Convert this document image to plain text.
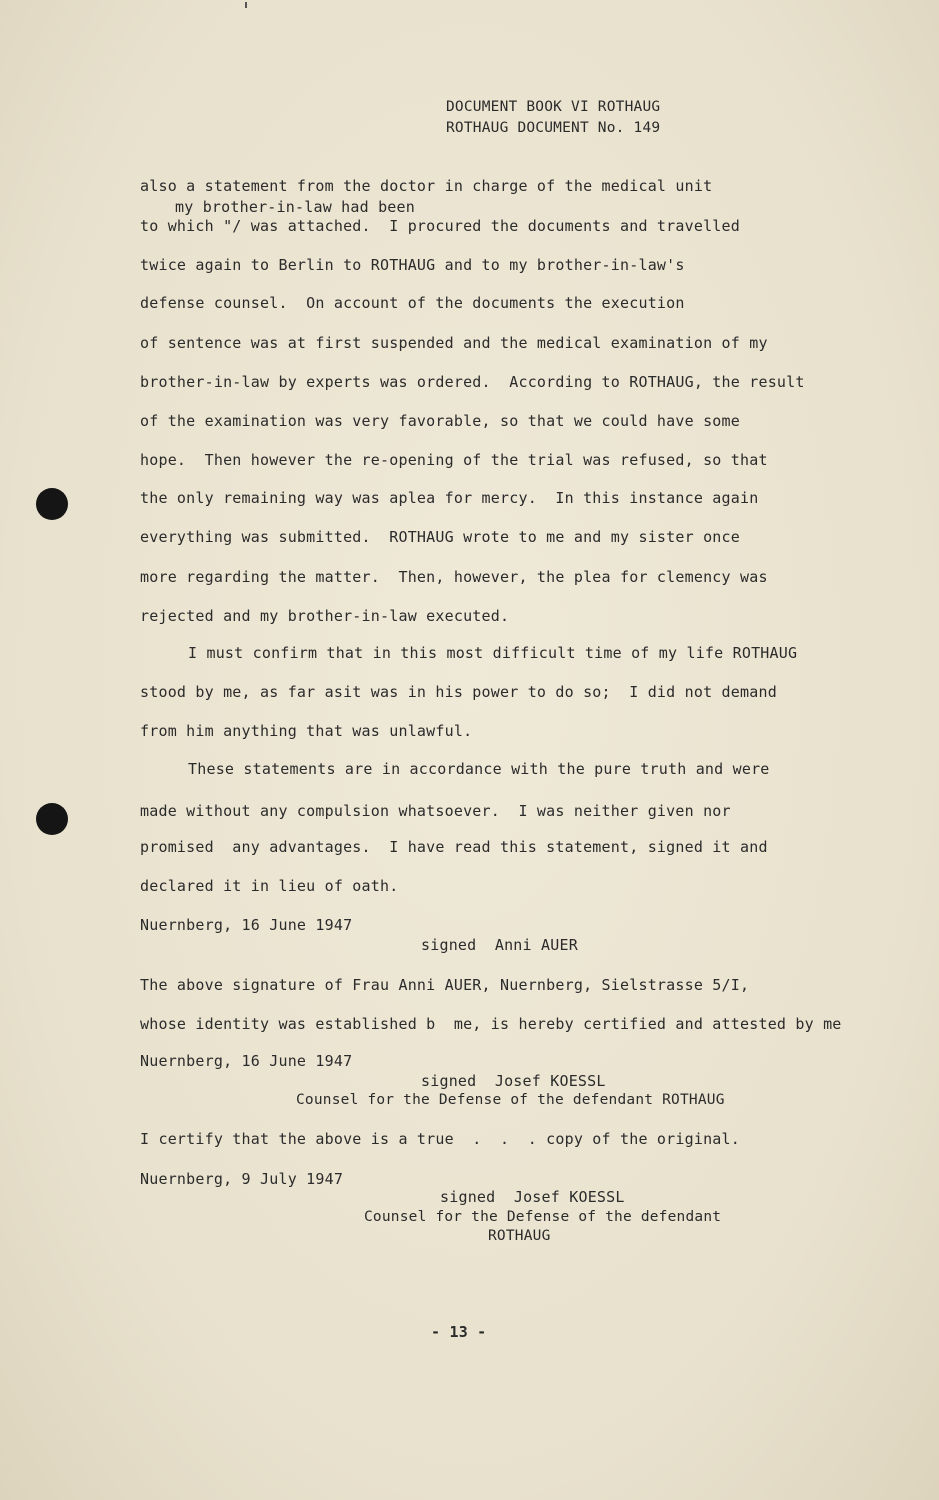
DOCUMENT BOOK VI ROTHAUG
ROTHAUG DOCUMENT No. 149
also a statement from the doctor in charge of the medical unit
my brother-in-law had been
to which "/ was attached.  I procured the documents and travelled
twice again to Berlin to ROTHAUG and to my brother-in-law's
defense counsel.  On account of the documents the execution
of sentence was at first suspended and the medical examination of my
brother-in-law by experts was ordered.  According to ROTHAUG, the result
of the examination was very favorable, so that we could have some
hope.  Then however the re-opening of the trial was refused, so that
the only remaining way was aplea for mercy.  In this instance again
everything was submitted.  ROTHAUG wrote to me and my sister once
more regarding the matter.  Then, however, the plea for clemency was
rejected and my brother-in-law executed.
I must confirm that in this most difficult time of my life ROTHAUG
stood by me, as far asit was in his power to do so;  I did not demand
from him anything that was unlawful.
These statements are in accordance with the pure truth and were
made without any compulsion whatsoever.  I was neither given nor
promised  any advantages.  I have read this statement, signed it and
declared it in lieu of oath.
Nuernberg, 16 June 1947
signed  Anni AUER
The above signature of Frau Anni AUER, Nuernberg, Sielstrasse 5/I,
whose identity was established b  me, is hereby certified and attested by me
Nuernberg, 16 June 1947
signed  Josef KOESSL
Counsel for the Defense of the defendant ROTHAUG
I certify that the above is a true  .  .  . copy of the original.
Nuernberg, 9 July 1947
signed  Josef KOESSL
Counsel for the Defense of the defendant
ROTHAUG
- 13 -
